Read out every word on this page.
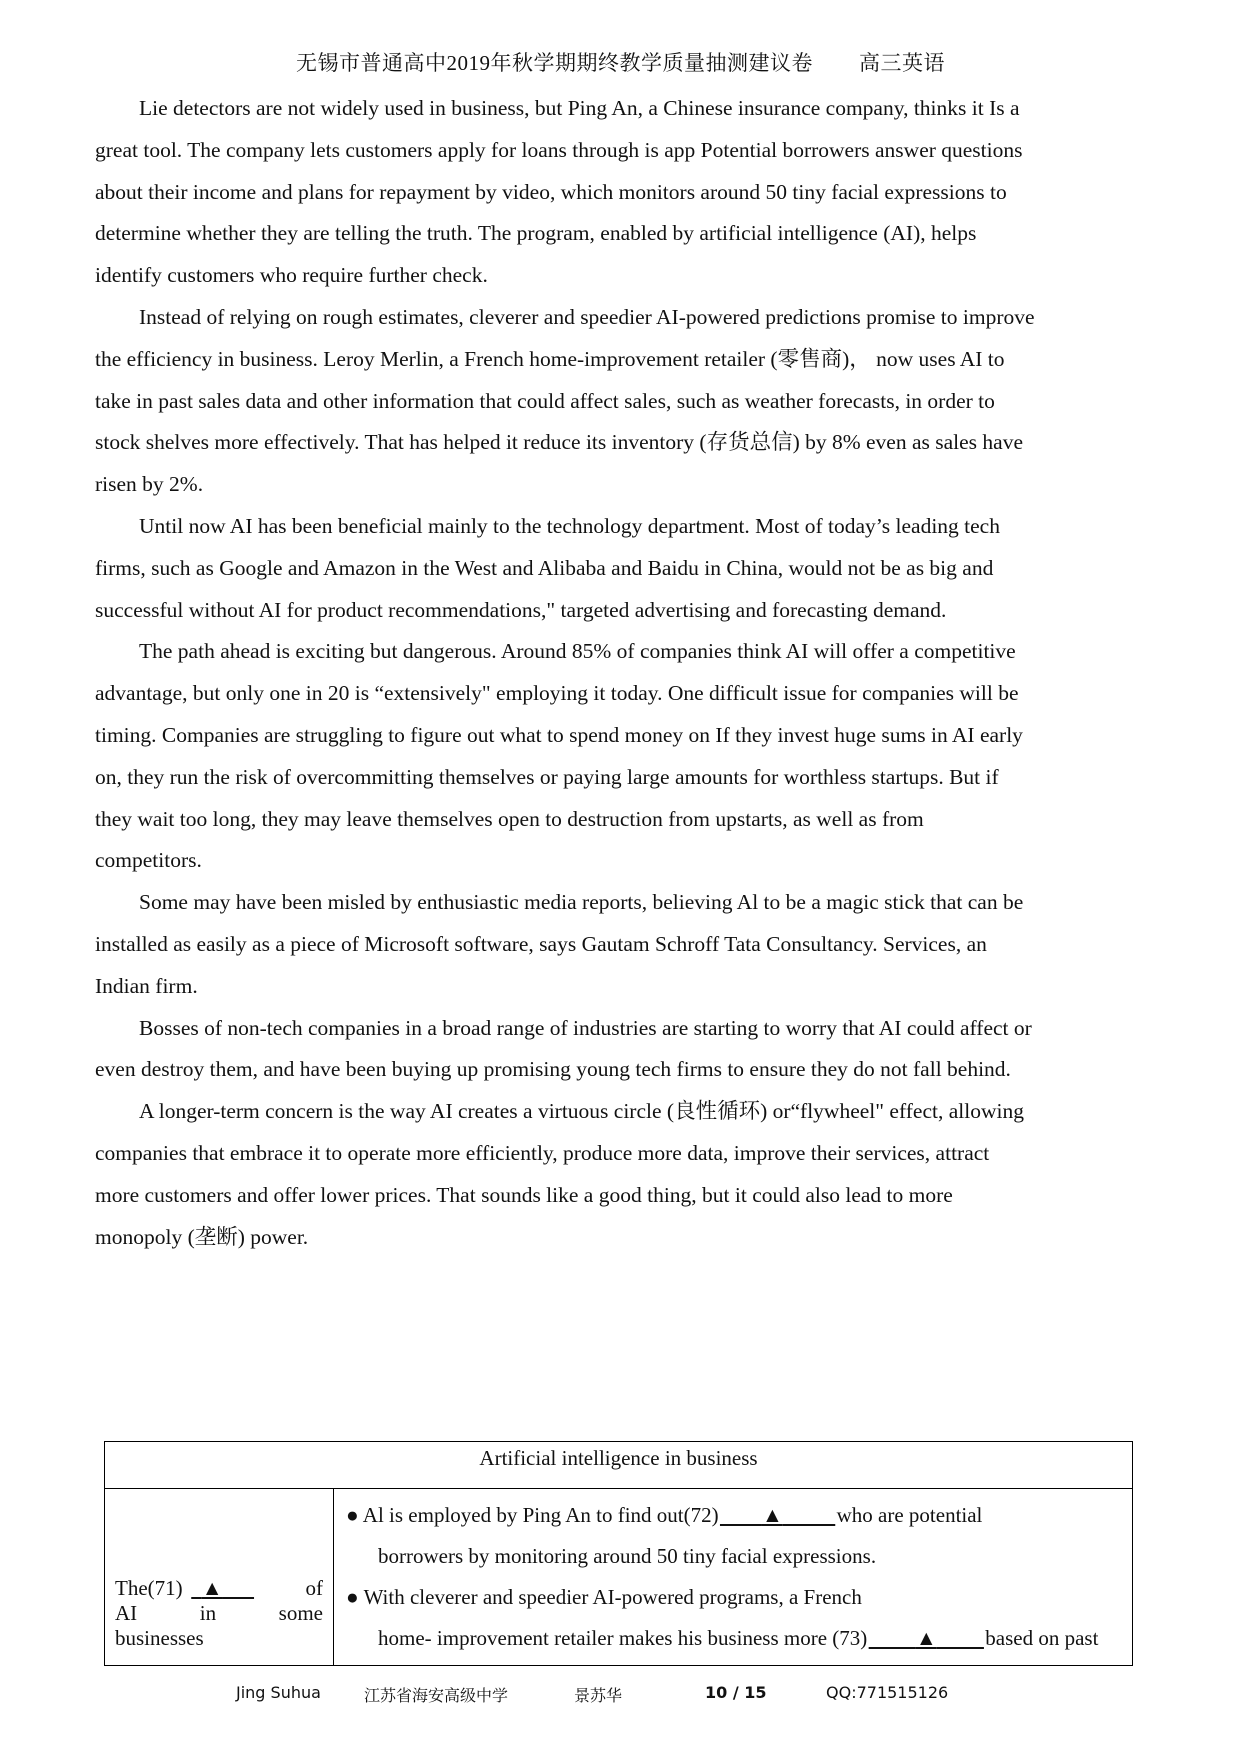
无锡市普通高中2019年秋学期期终教学质量抽测建议卷 高三英语

Lie detectors are not widely used in business, but Ping An, a Chinese insurance company, thinks it Is a great tool. The company lets customers apply for loans through is app Potential borrowers answer questions about their income and plans for repayment by video, which monitors around 50 tiny facial expressions to determine whether they are telling the truth. The program, enabled by artificial intelligence (AI), helps identify customers who require further check.

Instead of relying on rough estimates, cleverer and speedier AI-powered predictions promise to improve the efficiency in business. Leroy Merlin, a French home-improvement retailer (零售商)， now uses AI to take in past sales data and other information that could affect sales, such as weather forecasts, in order to stock shelves more effectively. That has helped it reduce its inventory (存货总信) by 8% even as sales have risen by 2%.

Until now AI has been beneficial mainly to the technology department. Most of today’s leading tech firms, such as Google and Amazon in the West and Alibaba and Baidu in China, would not be as big and successful without AI for product recommendations," targeted advertising and forecasting demand.

The path ahead is exciting but dangerous. Around 85% of companies think AI will offer a competitive advantage, but only one in 20 is “extensively" employing it today. One difficult issue for companies will be timing. Companies are struggling to figure out what to spend money on If they invest huge sums in AI early on, they run the risk of overcommitting themselves or paying large amounts for worthless startups. But if they wait too long, they may leave themselves open to destruction from upstarts, as well as from competitors.

Some may have been misled by enthusiastic media reports, believing Al to be a magic stick that can be installed as easily as a piece of Microsoft software, says Gautam Schroff Tata Consultancy. Services, an Indian firm.

Bosses of non-tech companies in a broad range of industries are starting to worry that AI could affect or even destroy them, and have been buying up promising young tech firms to ensure they do not fall behind.

A longer-term concern is the way AI creates a virtuous circle (良性循环) or“flywheel" effect, allowing companies that embrace it to operate more efficiently, produce more data, improve their services, attract more customers and offer lower prices. That sounds like a good thing, but it could also lead to more monopoly (垄断) power.

Artificial intelligence in business

The(71) ▲	of
AI	in	some
businesses

● Al is employed by Ping An to find out(72) ▲	who are potential
borrowers by monitoring around 50 tiny facial expressions.
● With cleverer and speedier AI-powered programs, a French
home- improvement retailer makes his business more (73) ▲ based on past
Jing Suhua	江苏省海安高级中学	景苏华	10 / 15	QQ:771515126
